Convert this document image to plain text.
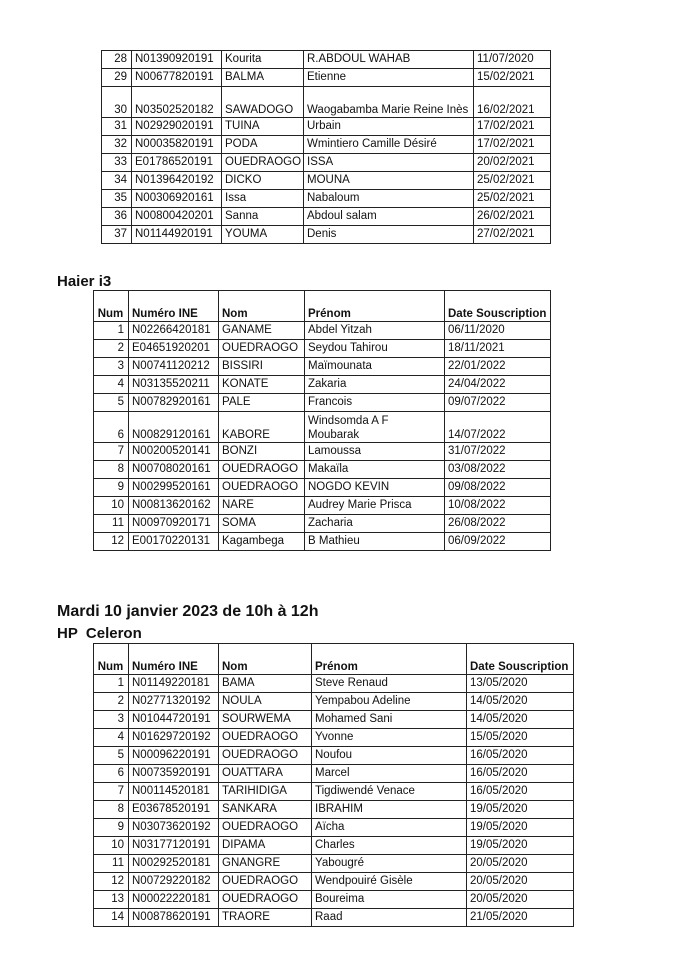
28	N01390920191	Kourita	R.ABDOUL WAHAB	11/07/2020
29	N00677820191	BALMA	Etienne	15/02/2021
30	N03502520182	SAWADOGO	Waogabamba Marie Reine Inès	16/02/2021
31	N02929020191	TUINA	Urbain	17/02/2021
32	N00035820191	PODA	Wmintiero Camille Désiré	17/02/2021
33	E01786520191	OUEDRAOGO	ISSA	20/02/2021
34	N01396420192	DICKO	MOUNA	25/02/2021
35	N00306920161	Issa	Nabaloum	25/02/2021
36	N00800420201	Sanna	Abdoul salam	26/02/2021
37	N01144920191	YOUMA	Denis	27/02/2021
Haier i3
Num	Numéro INE	Nom	Prénom	Date Souscription
1	N02266420181	GANAME	Abdel Yitzah	06/11/2020
2	E04651920201	OUEDRAOGO	Seydou Tahirou	18/11/2021
3	N00741120212	BISSIRI	Maïmounata	22/01/2022
4	N03135520211	KONATE	Zakaria	24/04/2022
5	N00782920161	PALE	Francois	09/07/2022
6	N00829120161	KABORE	Windsomda A F Moubarak	14/07/2022
7	N00200520141	BONZI	Lamoussa	31/07/2022
8	N00708020161	OUEDRAOGO	Makaïla	03/08/2022
9	N00299520161	OUEDRAOGO	NOGDO KEVIN	09/08/2022
10	N00813620162	NARE	Audrey Marie Prisca	10/08/2022
11	N00970920171	SOMA	Zacharia	26/08/2022
12	E00170220131	Kagambega	B Mathieu	06/09/2022
Mardi 10 janvier 2023 de 10h à 12h
HP  Celeron
Num	Numéro INE	Nom	Prénom	Date Souscription
1	N01149220181	BAMA	Steve Renaud	13/05/2020
2	N02771320192	NOULA	Yempabou Adeline	14/05/2020
3	N01044720191	SOURWEMA	Mohamed Sani	14/05/2020
4	N01629720192	OUEDRAOGO	Yvonne	15/05/2020
5	N00096220191	OUEDRAOGO	Noufou	16/05/2020
6	N00735920191	OUATTARA	Marcel	16/05/2020
7	N00114520181	TARIHIDIGA	Tigdiwendé Venace	16/05/2020
8	E03678520191	SANKARA	IBRAHIM	19/05/2020
9	N03073620192	OUEDRAOGO	Aïcha	19/05/2020
10	N03177120191	DIPAMA	Charles	19/05/2020
11	N00292520181	GNANGRE	Yabougré	20/05/2020
12	N00729220182	OUEDRAOGO	Wendpouiré Gisèle	20/05/2020
13	N00022220181	OUEDRAOGO	Boureima	20/05/2020
14	N00878620191	TRAORE	Raad	21/05/2020
